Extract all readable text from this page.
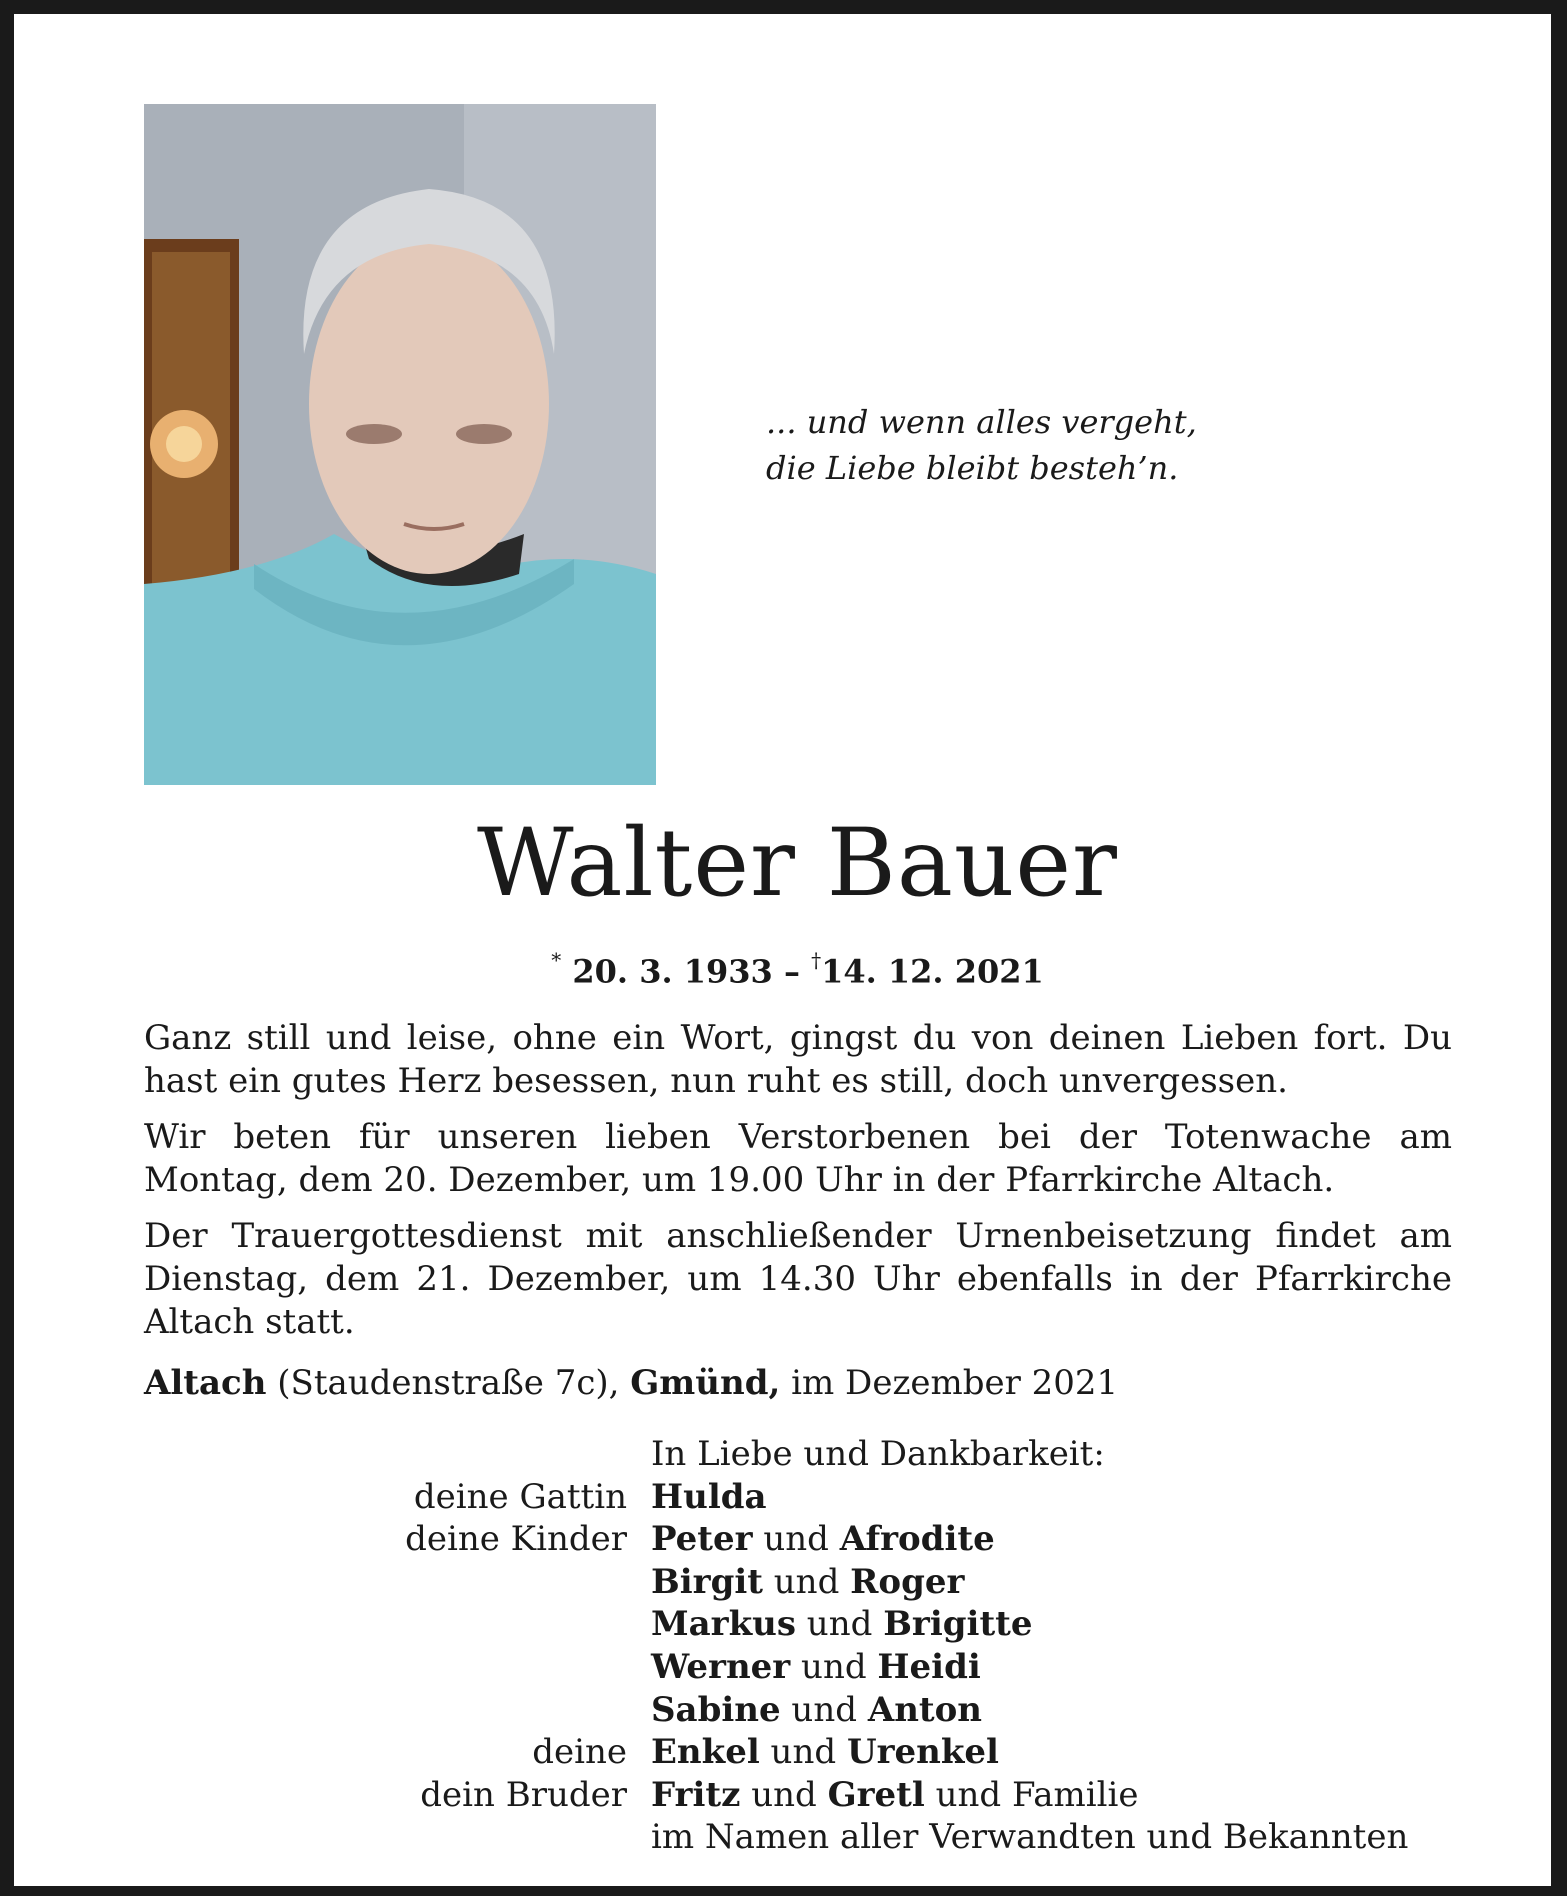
... und wenn alles vergeht,
die Liebe bleibt besteh’n.
Walter Bauer
* 20. 3. 1933 – †14. 12. 2021

Ganz still und leise, ohne ein Wort, gingst du von deinen Lieben fort. Du hast ein gutes Herz besessen, nun ruht es still, doch unvergessen.

Wir beten für unseren lieben Verstorbenen bei der Totenwache am Montag, dem 20. Dezember, um 19.00 Uhr in der Pfarrkirche Altach.

Der Trauergottesdienst mit anschließender Urnenbeisetzung findet am Dienstag, dem 21. Dezember, um 14.30 Uhr ebenfalls in der Pfarrkirche Altach statt.

Altach (Staudenstraße 7c), Gmünd, im Dezember 2021
In Liebe und Dankbarkeit:
deine Gattin Hulda
deine Kinder Peter und Afrodite
Birgit und Roger
Markus und Brigitte
Werner und Heidi
Sabine und Anton
deine Enkel und Urenkel
dein Bruder Fritz und Gretl und Familie
im Namen aller Verwandten und Bekannten
